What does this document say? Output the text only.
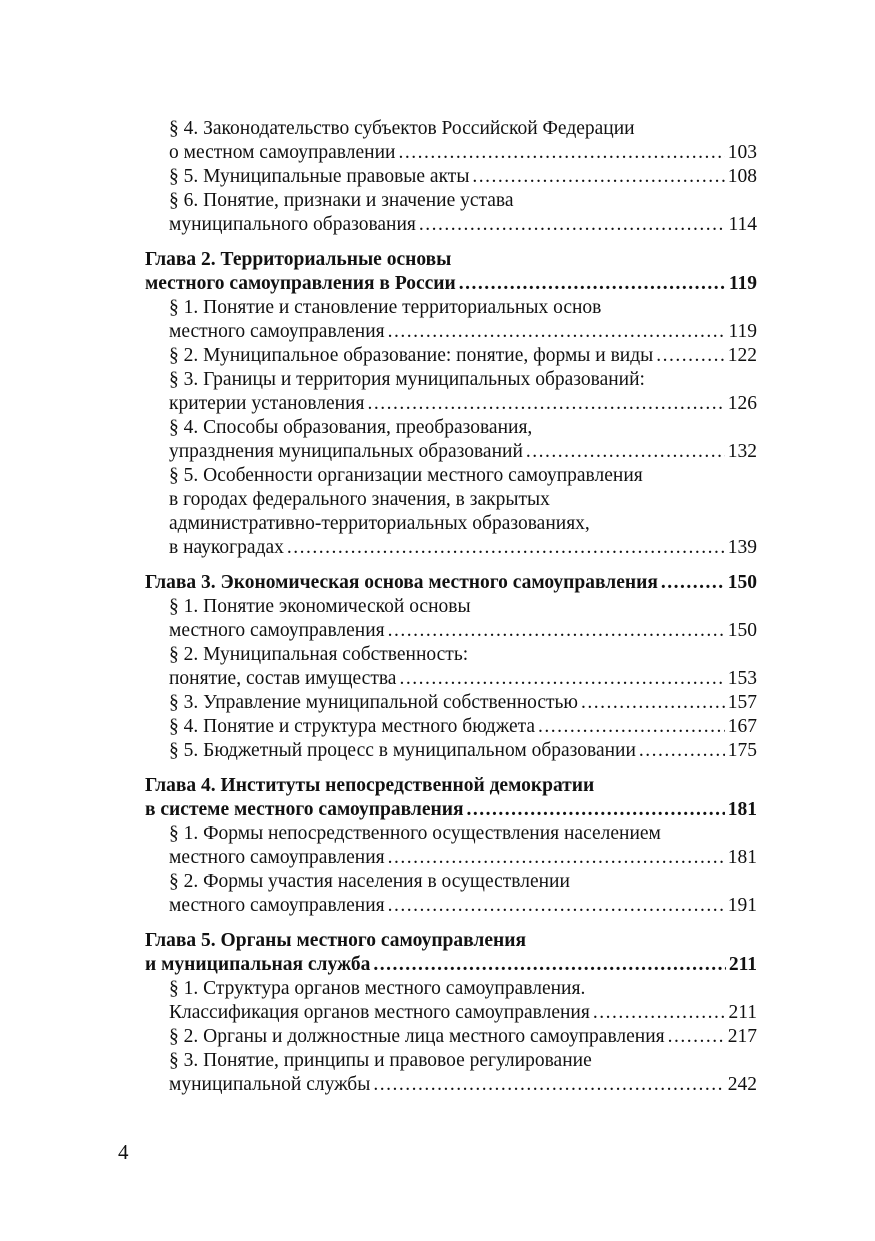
§ 4. Законодательство субъектов Российской Федерации
о местном самоуправлении .....	103
§ 5. Муниципальные правовые акты .....	108
§ 6. Понятие, признаки и значение устава
муниципального образования .....	114
Глава 2. Территориальные основы
местного самоуправления в России .....	119
§ 1. Понятие и становление территориальных основ
местного самоуправления .....	119
§ 2. Муниципальное образование: понятие, формы и виды .....	122
§ 3. Границы и территория муниципальных образований:
критерии установления .....	126
§ 4. Способы образования, преобразования,
упразднения муниципальных образований .....	132
§ 5. Особенности организации местного самоуправления
в городах федерального значения, в закрытых
административно-территориальных образованиях,
в наукоградах .....	139
Глава 3. Экономическая основа местного самоуправления .....	150
§ 1. Понятие экономической основы
местного самоуправления .....	150
§ 2. Муниципальная собственность:
понятие, состав имущества .....	153
§ 3. Управление муниципальной собственностью .....	157
§ 4. Понятие и структура местного бюджета .....	167
§ 5. Бюджетный процесс в муниципальном образовании .....	175
Глава 4. Институты непосредственной демократии
в системе местного самоуправления .....	181
§ 1. Формы непосредственного осуществления населением
местного самоуправления .....	181
§ 2. Формы участия населения в осуществлении
местного самоуправления .....	191
Глава 5. Органы местного самоуправления
и муниципальная служба .....	211
§ 1. Структура органов местного самоуправления.
Классификация органов местного самоуправления .....	211
§ 2. Органы и должностные лица местного самоуправления .....	217
§ 3. Понятие, принципы и правовое регулирование
муниципальной службы .....	242
4
